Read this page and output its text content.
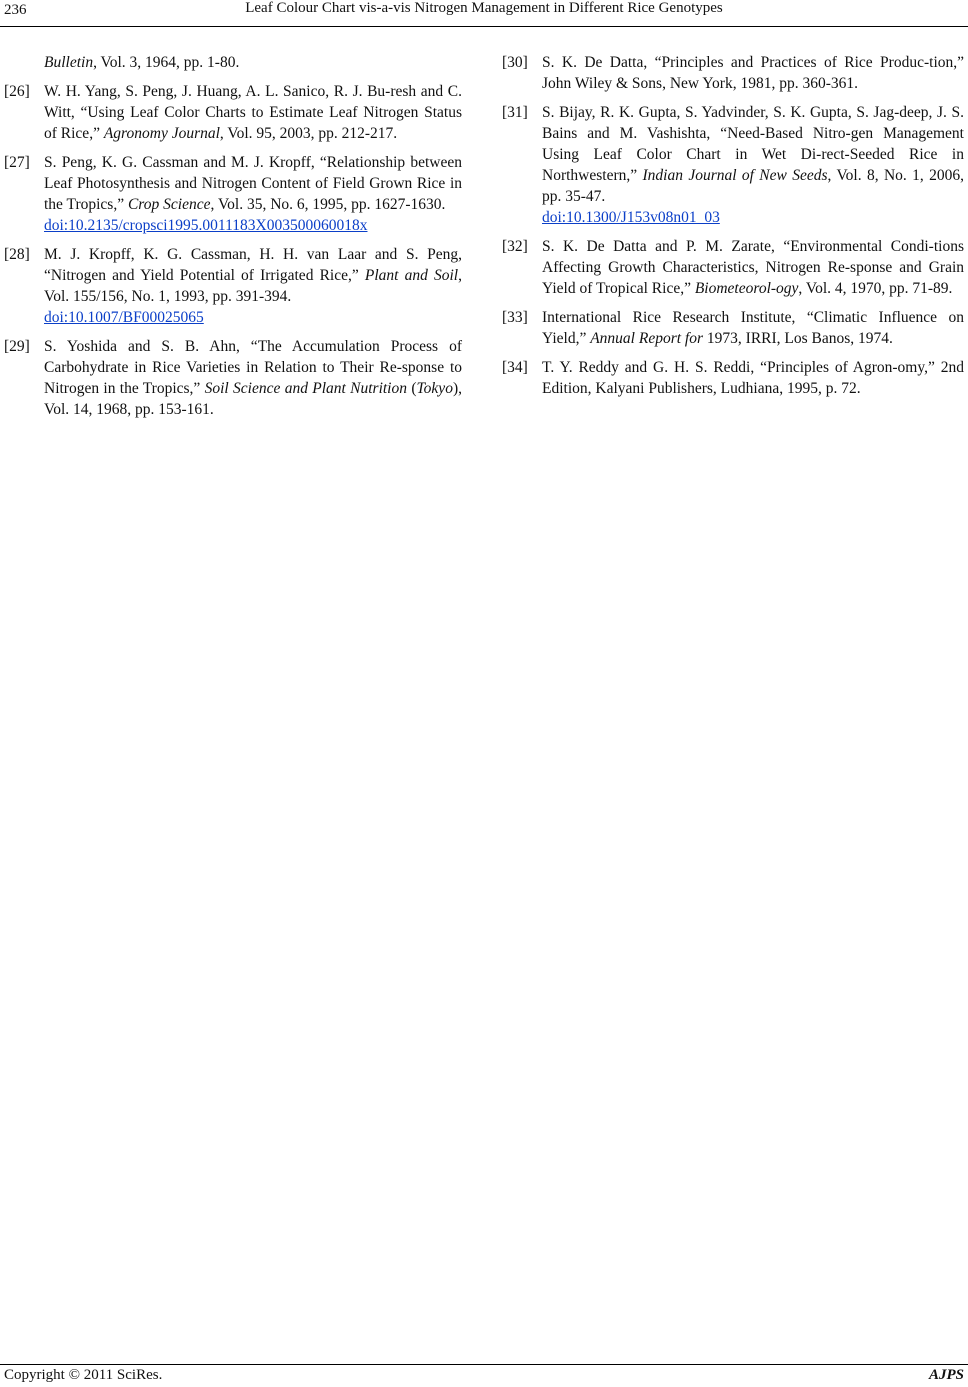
236	Leaf Colour Chart vis-a-vis Nitrogen Management in Different Rice Genotypes
Bulletin, Vol. 3, 1964, pp. 1-80.
[26] W. H. Yang, S. Peng, J. Huang, A. L. Sanico, R. J. Bu-resh and C. Witt, “Using Leaf Color Charts to Estimate Leaf Nitrogen Status of Rice,” Agronomy Journal, Vol. 95, 2003, pp. 212-217.
[27] S. Peng, K. G. Cassman and M. J. Kropff, “Relationship between Leaf Photosynthesis and Nitrogen Content of Field Grown Rice in the Tropics,” Crop Science, Vol. 35, No. 6, 1995, pp. 1627-1630.
doi:10.2135/cropsci1995.0011183X003500060018x
[28] M. J. Kropff, K. G. Cassman, H. H. van Laar and S. Peng, “Nitrogen and Yield Potential of Irrigated Rice,” Plant and Soil, Vol. 155/156, No. 1, 1993, pp. 391-394.
doi:10.1007/BF00025065
[29] S. Yoshida and S. B. Ahn, “The Accumulation Process of Carbohydrate in Rice Varieties in Relation to Their Re-sponse to Nitrogen in the Tropics,” Soil Science and Plant Nutrition (Tokyo), Vol. 14, 1968, pp. 153-161.
[30] S. K. De Datta, “Principles and Practices of Rice Produc-tion,” John Wiley & Sons, New York, 1981, pp. 360-361.
[31] S. Bijay, R. K. Gupta, S. Yadvinder, S. K. Gupta, S. Jag-deep, J. S. Bains and M. Vashishta, “Need-Based Nitro-gen Management Using Leaf Color Chart in Wet Di-rect-Seeded Rice in Northwestern,” Indian Journal of New Seeds, Vol. 8, No. 1, 2006, pp. 35-47.
doi:10.1300/J153v08n01_03
[32] S. K. De Datta and P. M. Zarate, “Environmental Condi-tions Affecting Growth Characteristics, Nitrogen Re-sponse and Grain Yield of Tropical Rice,” Biometeorol-ogy, Vol. 4, 1970, pp. 71-89.
[33] International Rice Research Institute, “Climatic Influence on Yield,” Annual Report for 1973, IRRI, Los Banos, 1974.
[34] T. Y. Reddy and G. H. S. Reddi, “Principles of Agron-omy,” 2nd Edition, Kalyani Publishers, Ludhiana, 1995, p. 72.
Copyright © 2011 SciRes.	AJPS
